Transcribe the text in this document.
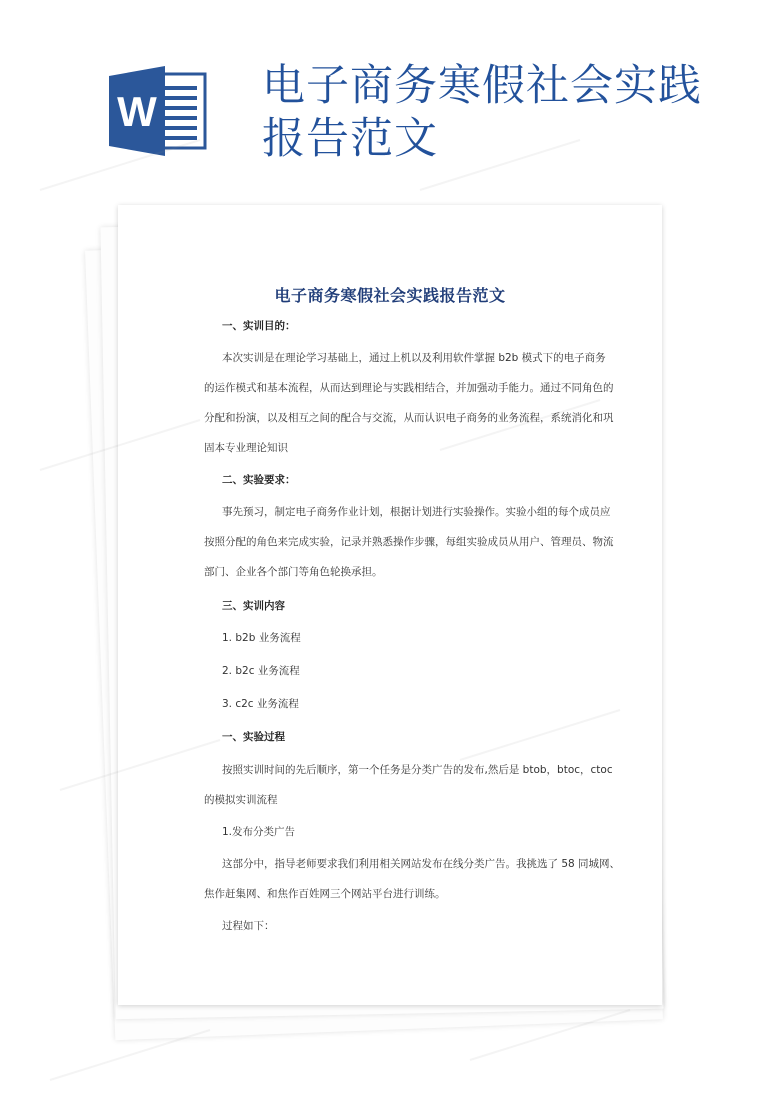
W
电子商务寒假社会实践
报告范文
电子商务寒假社会实践报告范文
一、实训目的：
本次实训是在理论学习基础上，通过上机以及利用软件掌握 b2b 模式下的电子商务
的运作模式和基本流程，从而达到理论与实践相结合，并加强动手能力。通过不同角色的
分配和扮演，以及相互之间的配合与交流，从而认识电子商务的业务流程，系统消化和巩
固本专业理论知识
二、实验要求：
事先预习，制定电子商务作业计划，根据计划进行实验操作。实验小组的每个成员应
按照分配的角色来完成实验，记录并熟悉操作步骤，每组实验成员从用户、管理员、物流
部门、企业各个部门等角色轮换承担。
三、实训内容
1. b2b 业务流程
2. b2c 业务流程
3. c2c 业务流程
一、实验过程
按照实训时间的先后顺序，第一个任务是分类广告的发布,然后是 btob，btoc，ctoc
的模拟实训流程
1.发布分类广告
这部分中，指导老师要求我们利用相关网站发布在线分类广告。我挑选了 58 同城网、
焦作赶集网、和焦作百姓网三个网站平台进行训练。
过程如下：
